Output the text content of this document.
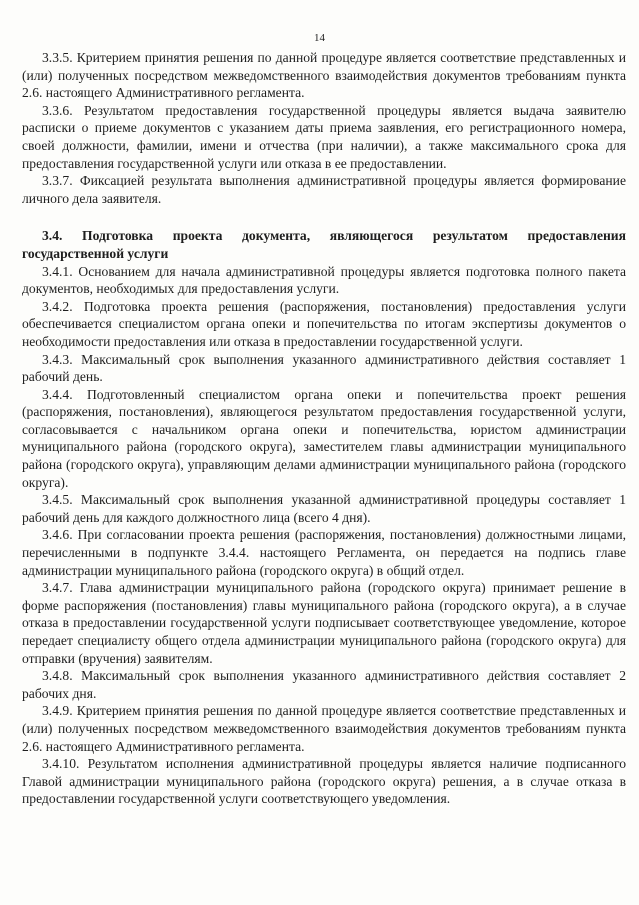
14

3.3.5. Критерием принятия решения по данной процедуре является соответствие представленных и (или) полученных посредством межведомственного взаимодействия документов требованиям пункта 2.6. настоящего Административного регламента.

3.3.6. Результатом предоставления государственной процедуры является выдача заявителю расписки о приеме документов с указанием даты приема заявления, его регистрационного номера, своей должности, фамилии, имени и отчества (при наличии), а также максимального срока для предоставления государственной услуги или отказа в ее предоставлении.

3.3.7. Фиксацией результата выполнения административной процедуры является формирование личного дела заявителя.

3.4. Подготовка проекта документа, являющегося результатом предоставления государственной услуги

3.4.1. Основанием для начала административной процедуры является подготовка полного пакета документов, необходимых для предоставления услуги.

3.4.2. Подготовка проекта решения (распоряжения, постановления) предоставления услуги обеспечивается специалистом органа опеки и попечительства по итогам экспертизы документов о необходимости предоставления или отказа в предоставлении государственной услуги.

3.4.3. Максимальный срок выполнения указанного административного действия составляет 1 рабочий день.

3.4.4. Подготовленный специалистом органа опеки и попечительства проект решения (распоряжения, постановления), являющегося результатом предоставления государственной услуги, согласовывается с начальником органа опеки и попечительства, юристом администрации муниципального района (городского округа), заместителем главы администрации муниципального района (городского округа), управляющим делами администрации муниципального района (городского округа).

3.4.5. Максимальный срок выполнения указанной административной процедуры составляет 1 рабочий день для каждого должностного лица (всего 4 дня).

3.4.6. При согласовании проекта решения (распоряжения, постановления) должностными лицами, перечисленными в подпункте 3.4.4. настоящего Регламента, он передается на подпись главе администрации муниципального района (городского округа) в общий отдел.

3.4.7. Глава администрации муниципального района (городского округа) принимает решение в форме распоряжения (постановления) главы муниципального района (городского округа), а в случае отказа в предоставлении государственной услуги подписывает соответствующее уведомление, которое передает специалисту общего отдела администрации муниципального района (городского округа) для отправки (вручения) заявителям.

3.4.8. Максимальный срок выполнения указанного административного действия составляет 2 рабочих дня.

3.4.9. Критерием принятия решения по данной процедуре является соответствие представленных и (или) полученных посредством межведомственного взаимодействия документов требованиям пункта 2.6. настоящего Административного регламента.

3.4.10. Результатом исполнения административной процедуры является наличие подписанного Главой администрации муниципального района (городского округа) решения, а в случае отказа в предоставлении государственной услуги соответствующего уведомления.
